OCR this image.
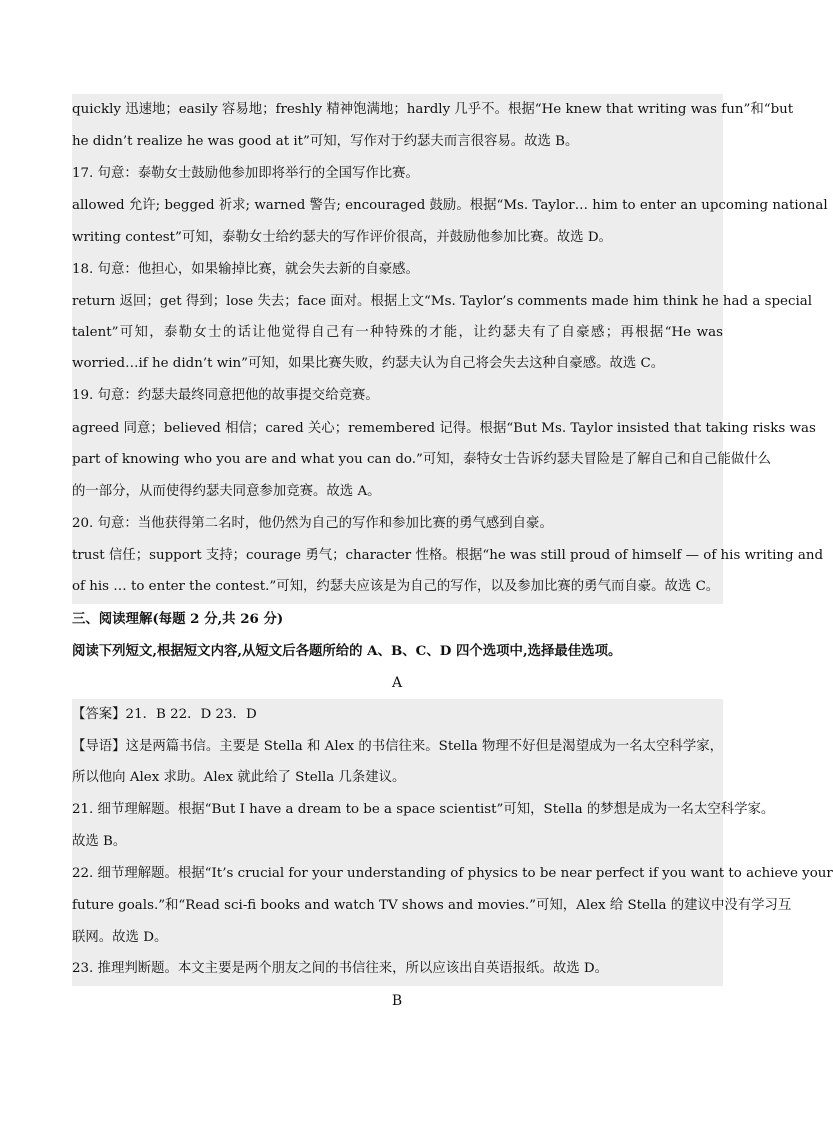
quickly 迅速地；easily 容易地；freshly 精神饱满地；hardly 几乎不。根据“He knew that writing was fun”和“but
he didn’t realize he was good at it”可知，写作对于约瑟夫而言很容易。故选 B。
17. 句意：泰勒女士鼓励他参加即将举行的全国写作比赛。
allowed 允许; begged 祈求; warned 警告; encouraged 鼓励。根据“Ms. Taylor… him to enter an upcoming national
writing contest”可知，泰勒女士给约瑟夫的写作评价很高，并鼓励他参加比赛。故选 D。
18. 句意：他担心，如果输掉比赛，就会失去新的自豪感。
return 返回；get 得到；lose 失去；face 面对。根据上文“Ms. Taylor’s comments made him think he had a special
talent”可知，泰勒女士的话让他觉得自己有一种特殊的才能，让约瑟夫有了自豪感；再根据“He was
worried…if he didn’t win”可知，如果比赛失败，约瑟夫认为自己将会失去这种自豪感。故选 C。
19. 句意：约瑟夫最终同意把他的故事提交给竞赛。
agreed 同意；believed 相信；cared 关心；remembered 记得。根据“But Ms. Taylor insisted that taking risks was
part of knowing who you are and what you can do.”可知，泰特女士告诉约瑟夫冒险是了解自己和自己能做什么
的一部分，从而使得约瑟夫同意参加竞赛。故选 A。
20. 句意：当他获得第二名时，他仍然为自己的写作和参加比赛的勇气感到自豪。
trust 信任；support 支持；courage 勇气；character 性格。根据“he was still proud of himself — of his writing and
of his … to enter the contest.”可知，约瑟夫应该是为自己的写作，以及参加比赛的勇气而自豪。故选 C。
三、阅读理解(每题 2 分,共 26 分)
阅读下列短文,根据短文内容,从短文后各题所给的 A、B、C、D 四个选项中,选择最佳选项。
A
【答案】21．B 22．D 23．D
【导语】这是两篇书信。主要是 Stella 和 Alex 的书信往来。Stella 物理不好但是渴望成为一名太空科学家，
所以他向 Alex 求助。Alex 就此给了 Stella 几条建议。
21. 细节理解题。根据“But I have a dream to be a space scientist”可知，Stella 的梦想是成为一名太空科学家。
故选 B。
22. 细节理解题。根据“It’s crucial for your understanding of physics to be near perfect if you want to achieve your
future goals.”和“Read sci-fi books and watch TV shows and movies.”可知，Alex 给 Stella 的建议中没有学习互
联网。故选 D。
23. 推理判断题。本文主要是两个朋友之间的书信往来，所以应该出自英语报纸。故选 D。
B
